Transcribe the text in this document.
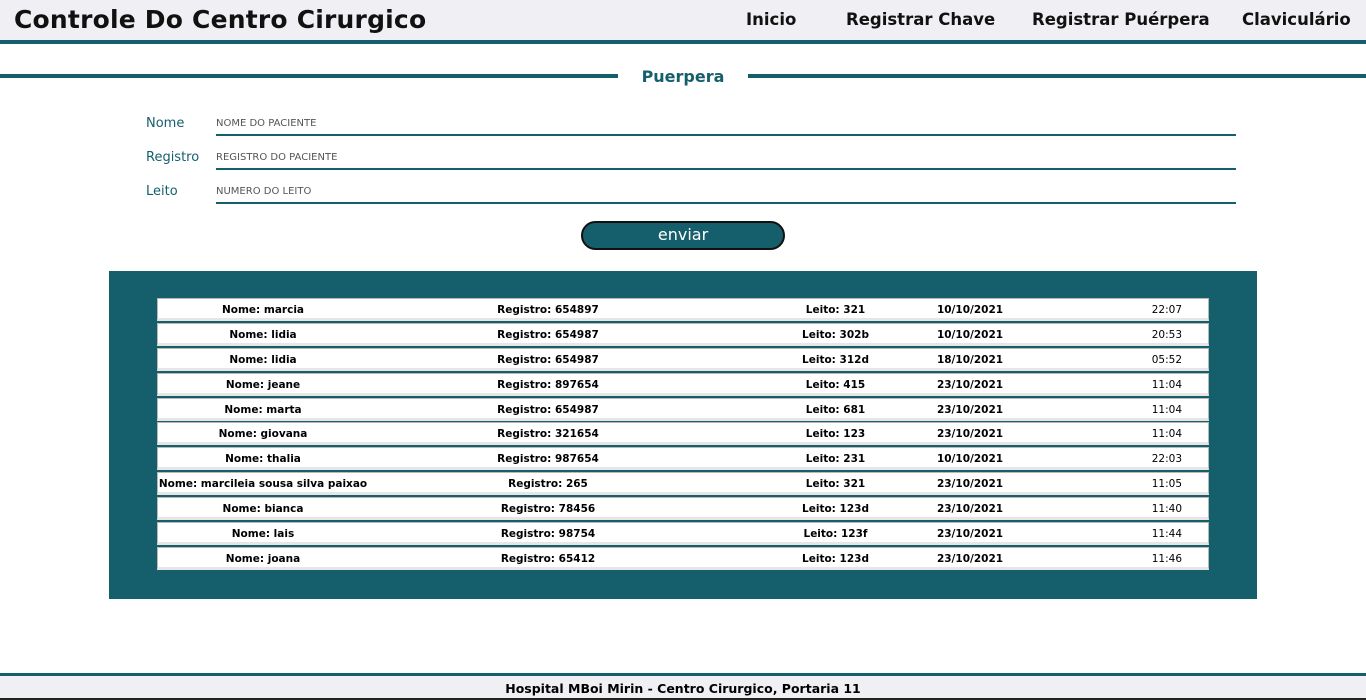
Controle Do Centro Cirurgico	Inicio	Registrar Chave Registrar Puérpera Claviculário
Puerpera
Nome
NOME DO PACIENTE
Registro
REGISTRO DO PACIENTE
Leito
NUMERO DO LEITO
enviar
Nome: marcia	Registro: 654897	Leito: 321	10/10/2021	22:07
Nome: lidia	Registro: 654987	Leito: 302b	10/10/2021	20:53
Nome: lidia	Registro: 654987	Leito: 312d	18/10/2021	05:52
Nome: jeane	Registro: 897654	Leito: 415	23/10/2021	11:04
Nome: marta	Registro: 654987	Leito: 681	23/10/2021	11:04
Nome: giovana	Registro: 321654	Leito: 123	23/10/2021	11:04
Nome: thalia	Registro: 987654	Leito: 231	10/10/2021	22:03
Nome: marcileia sousa silva paixao	Registro: 265	Leito: 321	23/10/2021	11:05
Nome: bianca	Registro: 78456	Leito: 123d	23/10/2021	11:40
Nome: lais	Registro: 98754	Leito: 123f	23/10/2021	11:44
Nome: joana	Registro: 65412	Leito: 123d	23/10/2021	11:46
Hospital MBoi Mirin - Centro Cirurgico, Portaria 11
